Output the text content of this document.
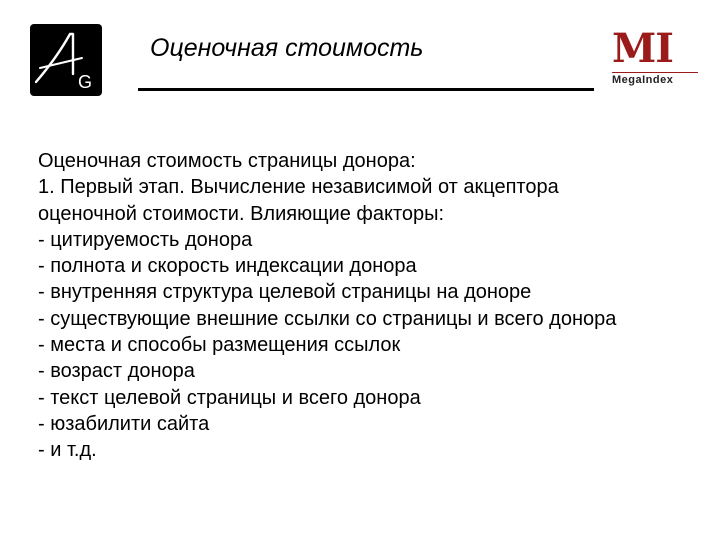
G
Оценочная стоимость	MI
MegaIndex
Оценочная стоимость страницы донора:
1. Первый этап. Вычисление независимой от акцептора
оценочной стоимости. Влияющие факторы:
- цитируемость донора
- полнота и скорость индексации донора
- внутренняя структура целевой страницы на доноре
- существующие внешние ссылки со страницы и всего донора
- места и способы размещения ссылок
- возраст донора
- текст целевой страницы и всего донора
- юзабилити сайта
- и т.д.
